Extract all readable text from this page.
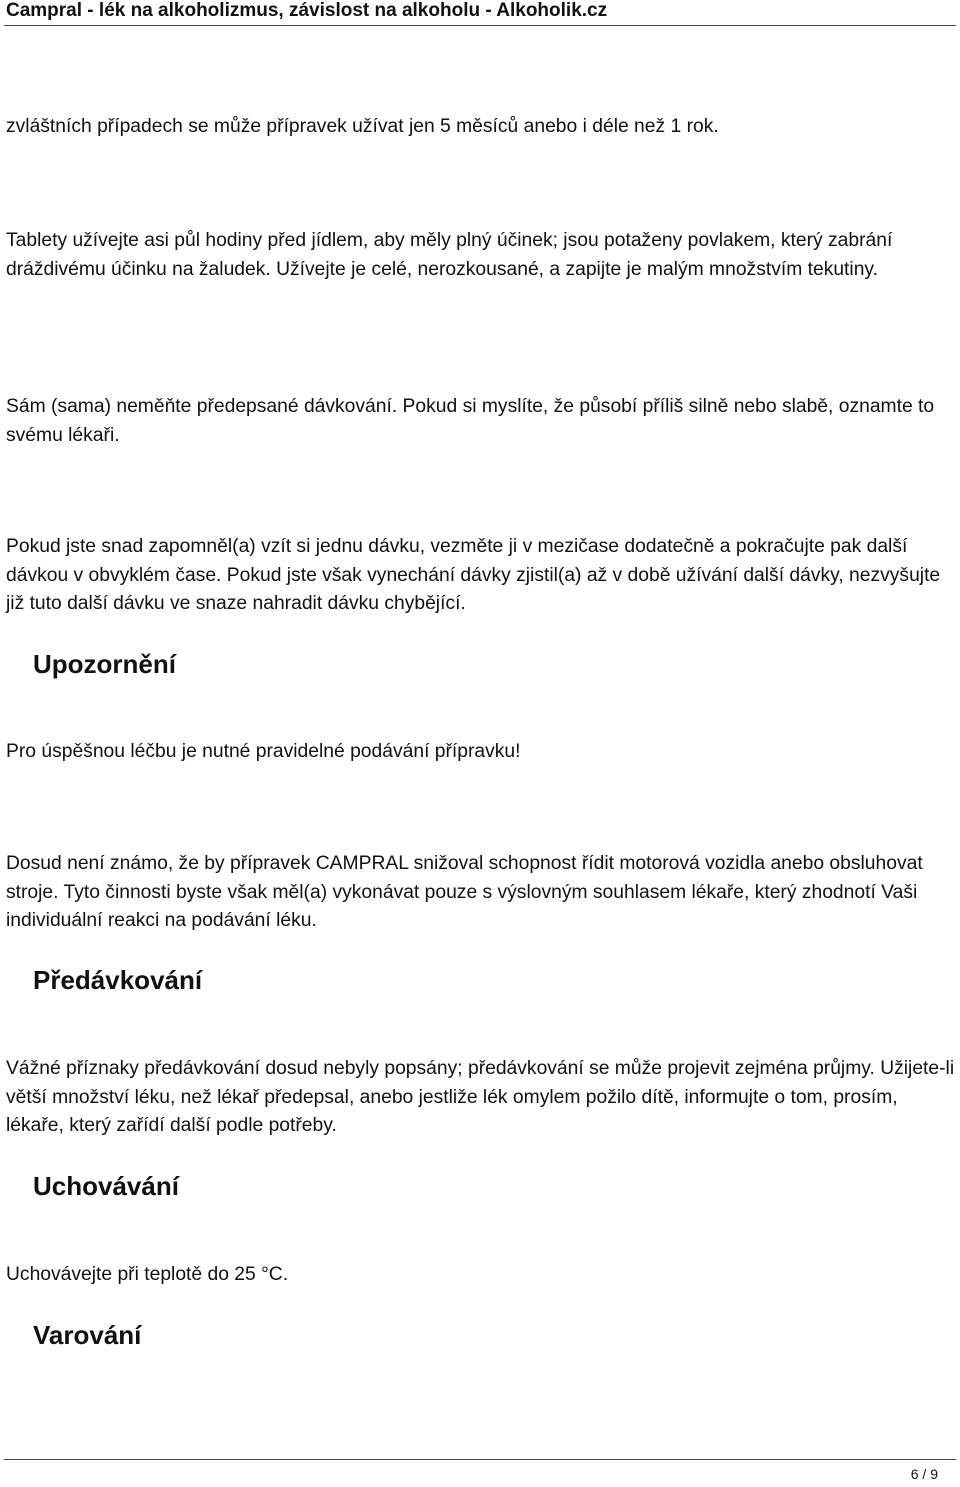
Campral - lék na alkoholizmus, závislost na alkoholu - Alkoholik.cz

zvláštních případech se může přípravek užívat jen 5 měsíců anebo i déle než 1 rok.

Tablety užívejte asi půl hodiny před jídlem, aby měly plný účinek; jsou potaženy povlakem, který zabrání dráždivému účinku na žaludek. Užívejte je celé, nerozkousané, a zapijte je malým množstvím tekutiny.

Sám (sama) neměňte předepsané dávkování. Pokud si myslíte, že působí příliš silně nebo slabě, oznamte to svému lékaři.

Pokud jste snad zapomněl(a) vzít si jednu dávku, vezměte ji v mezičase dodatečně a pokračujte pak další dávkou v obvyklém čase. Pokud jste však vynechání dávky zjistil(a) až v době užívání další dávky, nezvyšujte již tuto další dávku ve snaze nahradit dávku chybějící.

Upozornění

Pro úspěšnou léčbu je nutné pravidelné podávání přípravku!

Dosud není známo, že by přípravek CAMPRAL snižoval schopnost řídit motorová vozidla anebo obsluhovat stroje. Tyto činnosti byste však měl(a) vykonávat pouze s výslovným souhlasem lékaře, který zhodnotí Vaši individuální reakci na podávání léku.

Předávkování

Vážné příznaky předávkování dosud nebyly popsány; předávkování se může projevit zejména průjmy. Užijete-li větší množství léku, než lékař předepsal, anebo jestliže lék omylem požilo dítě, informujte o tom, prosím, lékaře, který zařídí další podle potřeby.

Uchovávání

Uchovávejte při teplotě do 25 °C.

Varování
6 / 9
